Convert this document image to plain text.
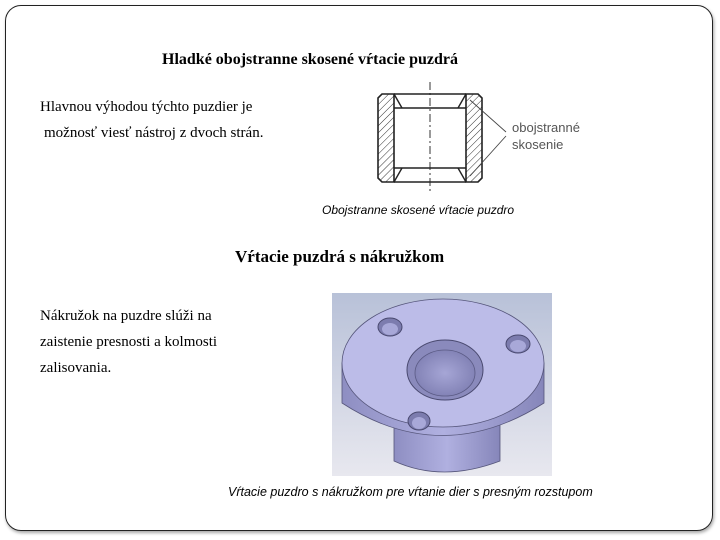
Hladké obojstranne skosené vŕtacie puzdrá
Hlavnou výhodou týchto puzdier je
možnosť viesť nástroj z dvoch strán.	obojstranné
skosenie
Obojstranne skosené vŕtacie puzdro
Vŕtacie puzdrá s nákružkom
Nákružok na puzdre slúži na
zaistenie presnosti a kolmosti
zalisovania.
Vŕtacie puzdro s nákružkom pre vŕtanie dier s presným rozstupom
